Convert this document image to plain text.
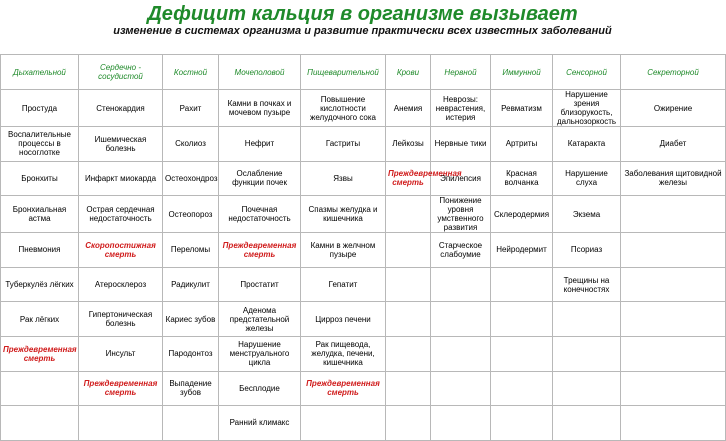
Дефицит кальция в организме вызывает
изменение в системах организма и развитие практически всех известных заболеваний
Дыхательной	Сердечно - сосудистой	Костной	Мочеполовой	Пищеварительной	Крови	Нервной	Иммунной	Сенсорной	Секреторной
Простуда	Стенокардия	Рахит	Камни в почках и мочевом пузыре	Повышение кислотности желудочного сока	Анемия	Неврозы: неврастения, истерия	Ревматизм	Нарушение зрения близорукость, дальнозоркость	Ожирение
Воспалительные процессы в носоглотке	Ишемическая болезнь	Сколиоз	Нефрит	Гастриты	Лейкозы	Нервные тики	Артриты	Катаракта	Диабет
Бронхиты	Инфаркт миокарда	Остеохондроз	Ослабление функции почек	Язвы	Преждевременная смерть	Эпилепсия	Красная волчанка	Нарушение слуха	Заболевания щитовидной железы
Бронхиальная астма	Острая сердечная недостаточность	Остеопороз	Почечная недостаточность	Спазмы желудка и кишечника		Понижение уровня умственного развития	Склеродермия	Экзема	
Пневмония	Скоропостижная смерть	Переломы	Преждевременная смерть	Камни в желчном пузыре		Старческое слабоумие	Нейродермит	Псориаз	
Туберкулёз лёгких	Атеросклероз	Радикулит	Простатит	Гепатит				Трещины на конечностях	
Рак лёгких	Гипертоническая болезнь	Кариес зубов	Аденома предстательной железы	Цирроз печени					
Преждевременная смерть	Инсульт	Пародонтоз	Нарушение менструального цикла	Рак пищевода, желудка, печени, кишечника					
	Преждевременная смерть	Выпадение зубов	Бесплодие	Преждевременная смерть					
			Ранний климакс						
